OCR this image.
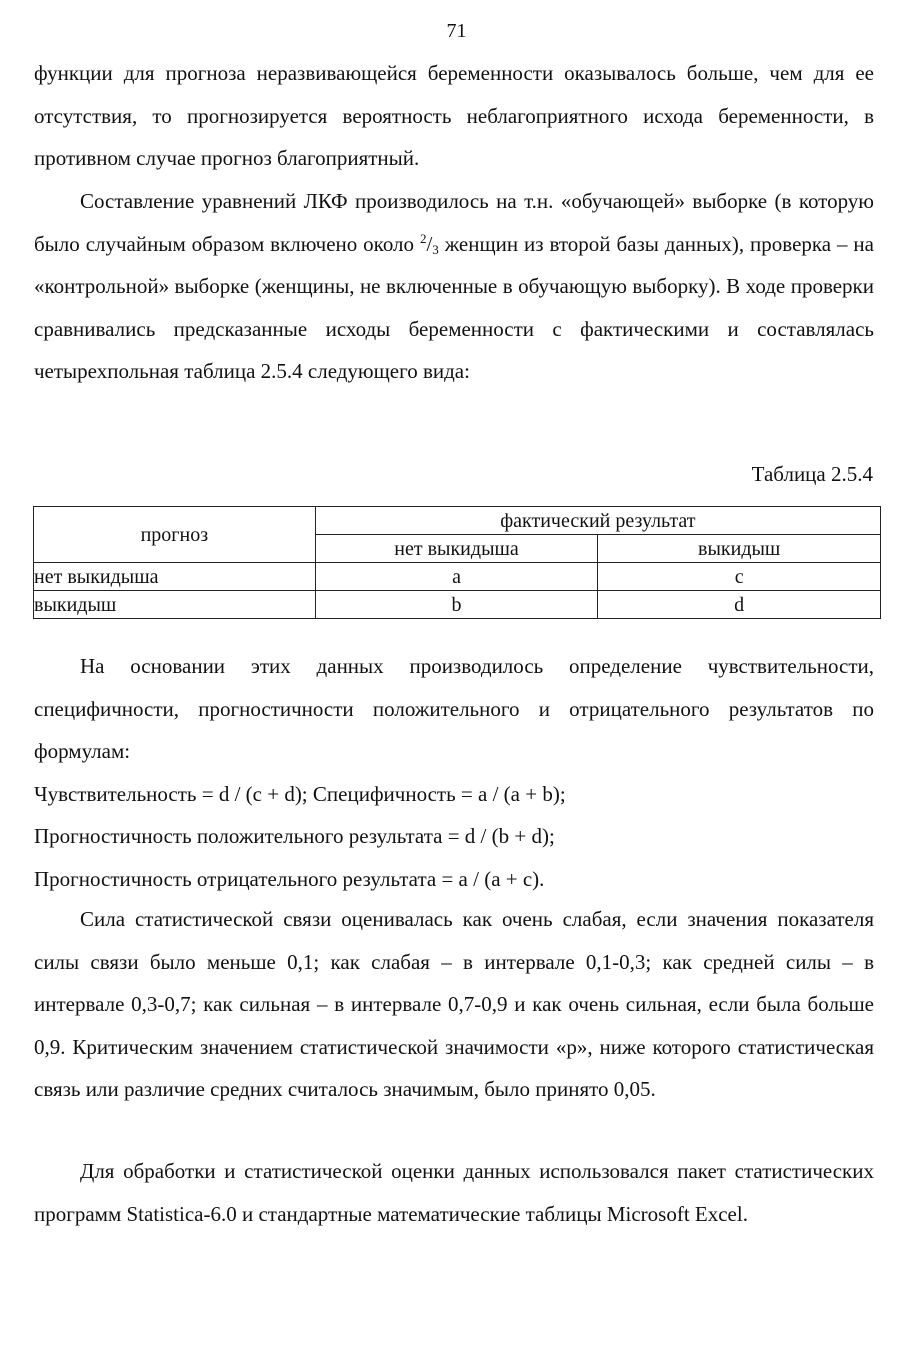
71

функции для прогноза неразвивающейся беременности оказывалось больше, чем для ее отсутствия, то прогнозируется вероятность неблагоприятного исхода беременности, в противном случае прогноз благоприятный.

Составление уравнений ЛКФ производилось на т.н. «обучающей» выборке (в которую было случайным образом включено около $^2/_3$ женщин из второй базы данных), проверка – на «контрольной» выборке (женщины, не включенные в обучающую выборку). В ходе проверки сравнивались предсказанные исходы беременности с фактическими и составлялась четырехпольная таблица 2.5.4 следующего вида:

Таблица 2.5.4
прогноз	фактический результат	
	нет выкидыша	выкидыш
нет выкидыша	a	c
выкидыш	b	d

На основании этих данных производилось определение чувствительности, специфичности, прогностичности положительного и отрицательного результатов по формулам:

Чувствительность = d / (c + d); Специфичность = a / (a + b);

Прогностичность положительного результата = d / (b + d);

Прогностичность отрицательного результата = a / (a + c).

Сила статистической связи оценивалась как очень слабая, если значения показателя силы связи было меньше 0,1; как слабая – в интервале 0,1-0,3; как средней силы – в интервале 0,3-0,7; как сильная – в интервале 0,7-0,9 и как очень сильная, если была больше 0,9. Критическим значением статистической значимости «р», ниже которого статистическая связь или различие средних считалось значимым, было принято 0,05.

Для обработки и статистической оценки данных использовался пакет статистических программ Statistica-6.0 и стандартные математические таблицы Microsoft Excel.
